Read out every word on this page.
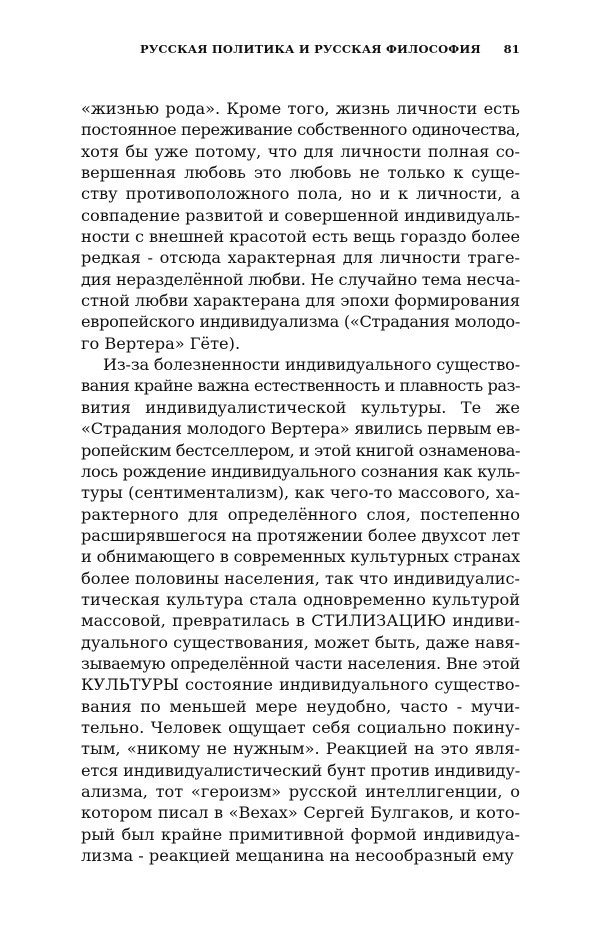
РУССКАЯ ПОЛИТИКА И РУССКАЯ ФИЛОСОФИЯ 81
«жизнью рода». Кроме того, жизнь личности есть
постоянное переживание собственного одиночества,
хотя бы уже потому, что для личности полная со-
вершенная любовь это любовь не только к суще-
ству противоположного пола, но и к личности, а
совпадение развитой и совершенной индивидуаль-
ности с внешней красотой есть вещь гораздо более
редкая - отсюда характерная для личности траге-
дия неразделённой любви. Не случайно тема несча-
стной любви характерана для эпохи формирования
европейского индивидуализма («Страдания молодо-
го Вертера» Гёте).
Из-за болезненности индивидуального существо-
вания крайне важна естественность и плавность раз-
вития индивидуалистической культуры. Те же
«Страдания молодого Вертера» явились первым ев-
ропейским бестселлером, и этой книгой ознаменова-
лось рождение индивидуального сознания как куль-
туры (сентиментализм), как чего-то массового, ха-
рактерного для определённого слоя, постепенно
расширявшегося на протяжении более двухсот лет
и обнимающего в современных культурных странах
более половины населения, так что индивидуалис-
тическая культура стала одновременно культурой
массовой, превратилась в СТИЛИЗАЦИЮ индиви-
дуального существования, может быть, даже навя-
зываемую определённой части населения. Вне этой
КУЛЬТУРЫ состояние индивидуального существо-
вания по меньшей мере неудобно, часто - мучи-
тельно. Человек ощущает себя социально покину-
тым, «никому не нужным». Реакцией на это явля-
ется индивидуалистический бунт против индивиду-
ализма, тот «героизм» русской интеллигенции, о
котором писал в «Вехах» Сергей Булгаков, и кото-
рый был крайне примитивной формой индивидуа-
лизма - реакцией мещанина на несообразный ему
